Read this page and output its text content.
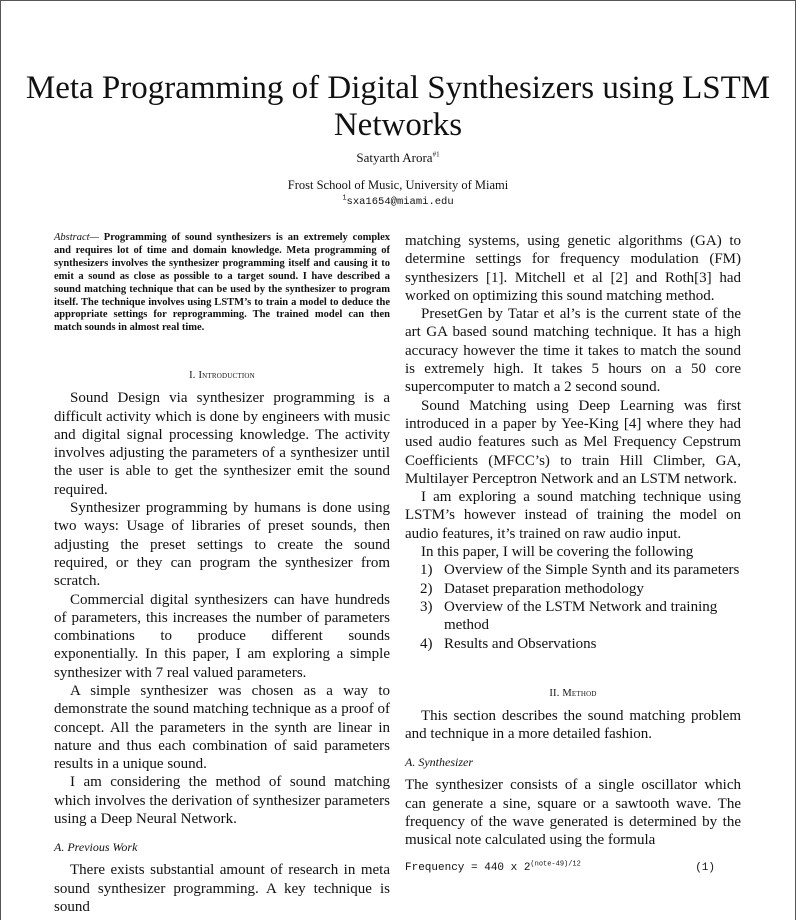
Meta Programming of Digital Synthesizers using LSTM Networks
Satyarth Arora$^{\#1}$
Frost School of Music, University of Miami
$^1$sxa1654@miami.edu

Abstract— Programming of sound synthesizers is an extremely complex and requires lot of time and domain knowledge. Meta programming of synthesizers involves the synthesizer programming itself and causing it to emit a sound as close as possible to a target sound. I have described a sound matching technique that can be used by the synthesizer to program itself. The technique involves using LSTM’s to train a model to deduce the appropriate settings for reprogramming. The trained model can then match sounds in almost real time.

I. Introduction

Sound Design via synthesizer programming is a difficult activity which is done by engineers with music and digital signal processing knowledge. The activity involves adjusting the parameters of a synthesizer until the user is able to get the synthesizer emit the sound required.

Synthesizer programming by humans is done using two ways: Usage of libraries of preset sounds, then adjusting the preset settings to create the sound required, or they can program the synthesizer from scratch.

Commercial digital synthesizers can have hundreds of parameters, this increases the number of parameters combinations to produce different sounds exponentially. In this paper, I am exploring a simple synthesizer with 7 real valued parameters.

A simple synthesizer was chosen as a way to demonstrate the sound matching technique as a proof of concept. All the parameters in the synth are linear in nature and thus each combination of said parameters results in a unique sound.

I am considering the method of sound matching which involves the derivation of synthesizer parameters using a Deep Neural Network.

A. Previous Work

There exists substantial amount of research in meta sound synthesizer programming. A key technique is sound

matching systems, using genetic algorithms (GA) to determine settings for frequency modulation (FM) synthesizers [1]. Mitchell et al [2] and Roth[3] had worked on optimizing this sound matching method.

PresetGen by Tatar et al’s is the current state of the art GA based sound matching technique. It has a high accuracy however the time it takes to match the sound is extremely high. It takes 5 hours on a 50 core supercomputer to match a 2 second sound.

Sound Matching using Deep Learning was first introduced in a paper by Yee-King [4] where they had used audio features such as Mel Frequency Cepstrum Coefficients (MFCC’s) to train Hill Climber, GA, Multilayer Perceptron Network and an LSTM network.

I am exploring a sound matching technique using LSTM’s however instead of training the model on audio features, it’s trained on raw audio input.

In this paper, I will be covering the following

1) Overview of the Simple Synth and its parameters
2) Dataset preparation methodology
3) Overview of the LSTM Network and training method
4) Results and Observations
II. Method

This section describes the sound matching problem and technique in a more detailed fashion.

A. Synthesizer

The synthesizer consists of a single oscillator which can generate a sine, square or a sawtooth wave. The frequency of the wave generated is determined by the musical note calculated using the formula

Frequency = 440 x $2^{(note-49)/12}$	(1)
